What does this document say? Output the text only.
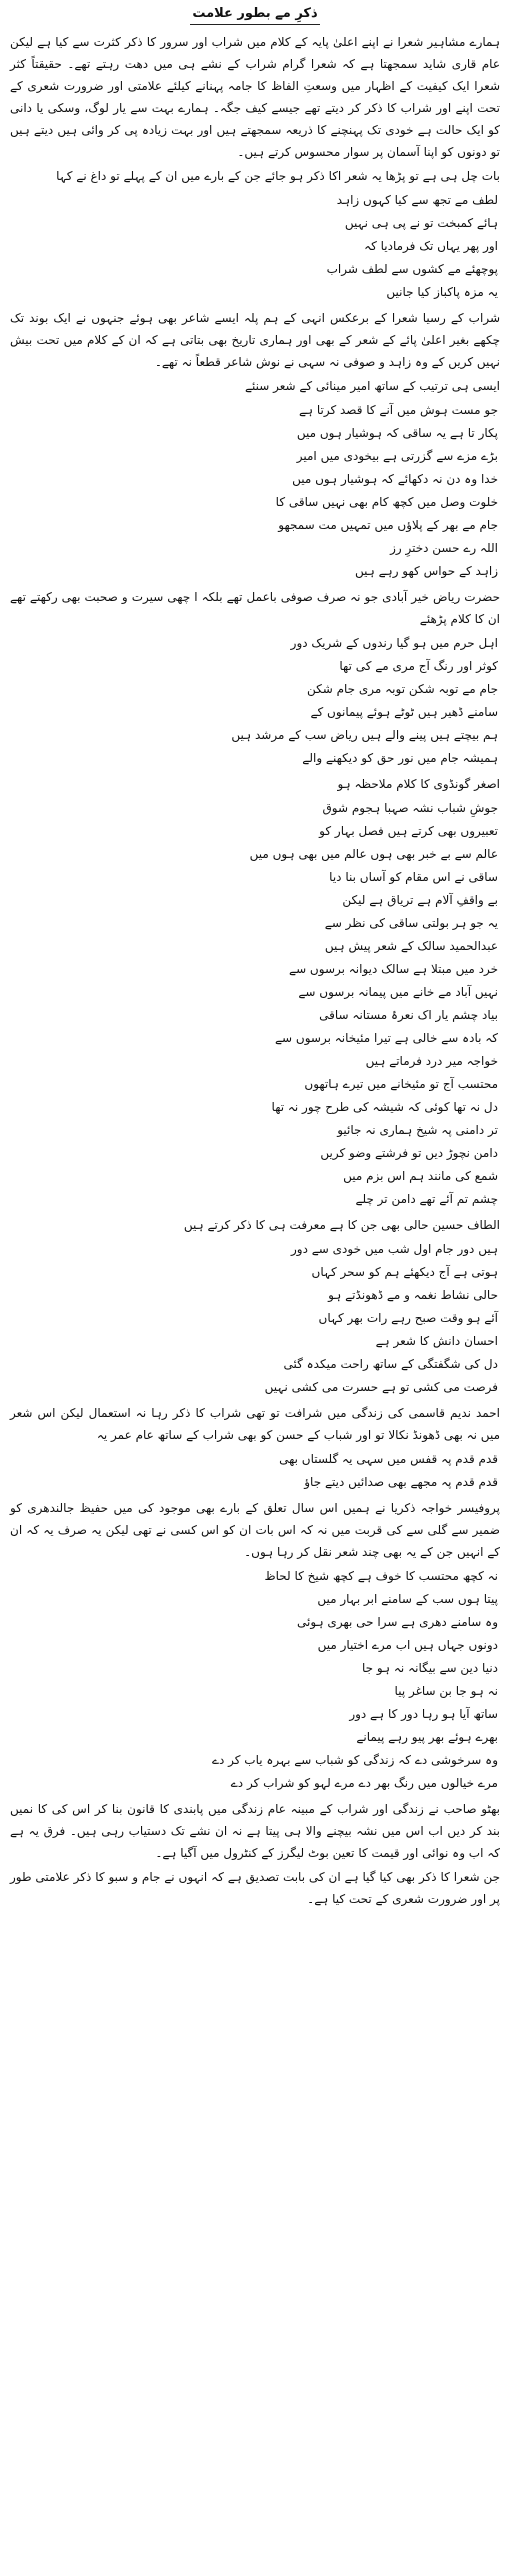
ذکرِ مے بطور علامت

ہمارے مشاہیر شعرا نے اپنے اعلیٰ پایہ کے کلام میں شراب اور سرور کا ذکر کثرت سے کیا ہے لیکن عام قاری شاید سمجھتا ہے کہ شعرا گرام شراب کے نشے ہی میں دھت رہتے تھے۔ حقیقتاً کثر شعرا ایک کیفیت کے اظہار میں وسعتِ الفاظ کا جامہ پہنانے کیلئے علامتی اور ضرورت شعری کے تحت اپنے اور شراب کا ذکر کر دیتے تھے جیسے کیف جگہ۔ ہمارے بہت سے یار لوگ، وسکی یا دانی کو ایک حالت ہے خودی تک پہنچنے کا ذریعہ سمجھتے ہیں اور بہت زیادہ پی کر وائی ہیں دیتے ہیں تو دونوں کو اپنا آسمان پر سوار محسوس کرتے ہیں۔

بات چل ہی ہے تو پڑھا یہ شعر اکا ذکر ہو جائے جن کے بارے میں ان کے پہلے تو داغ نے کہا

لطف مے تجھ سے کیا کہوں زاہد
ہائے کمبخت تو نے پی ہی نہیں
اور پھر یہاں تک فرمادیا کہ
پوچھئے مے کشوں سے لطف شراب
یہ مزہ پاکباز کیا جانیں

شراب کے رسیا شعرا کے برعکس انہی کے ہم پلہ ایسے شاعر بھی ہوئے جنہوں نے ایک بوند تک چکھے بغیر اعلیٰ پائے کے شعر کے بھی اور ہماری تاریخ بھی بتاتی ہے کہ ان کے کلام میں تحت بیش نہیں کریں کے وہ زاہد و صوفی نہ سہی نے نوش شاعر قطعاً نہ تھے۔

ایسی ہی ترتیب کے ساتھ امیر مینائی کے شعر سنئے

جو مست ہوش میں آنے کا قصد کرتا ہے
پکار تا ہے یہ ساقی کہ ہوشیار ہوں میں
بڑے مزے سے گزرتی ہے بیخودی میں امیر
خدا وہ دن نہ دکھائے کہ ہوشیار ہوں میں
خلوت وصل میں کچھ کام بھی نہیں ساقی کا
جام مے بھر کے پلاؤں میں تمہیں مت سمجھو
اللہ رے حسن دخترِ رز
زاہد کے حواس کھو رہے ہیں

حضرت ریاض خیر آبادی جو نہ صرف صوفی باعمل تھے بلکہ ا چھی سیرت و صحبت بھی رکھتے تھے ان کا کلام پڑھئے

اہل حرم میں ہو گیا رندوں کے شریک دور
کوثر اور رنگ آج مری مے کی تھا
جام مے توبہ شکن توبہ مری جام شکن
سامنے ڈھیر ہیں ٹوٹے ہوئے پیمانوں کے
ہم بیچتے ہیں پینے والے ہیں ریاض سب کے مرشد ہیں
ہمیشہ جام میں نور حق کو دیکھنے والے

اصغر گونڈوی کا کلام ملاحظہ ہو

جوشِ شباب نشہ صہبا ہجوم شوق
تعبیروں بھی کرتے ہیں فصل بہار کو
عالم سے بے خبر بھی ہوں عالم میں بھی ہوں میں
ساقی نے اس مقام کو آساں بنا دیا
بے واقفِ آلام ہے تریاق ہے لیکن
یہ جو ہر بولتی ساقی کی نظر سے
عبدالحمید سالک کے شعر پیش ہیں
خرد میں مبتلا ہے سالک دیوانہ برسوں سے
نہیں آباد مے خانے میں پیمانہ برسوں سے
بیاد چشم یار اک نعرۂ مستانہ ساقی
کہ بادہ سے خالی ہے تیرا مئیخانہ برسوں سے
خواجہ میر درد فرماتے ہیں
محتسب آج تو مئیخانے میں تیرے ہاتھوں
دل نہ تھا کوئی کہ شیشہ کی طرح چور نہ تھا
تر دامنی پہ شیخ ہماری نہ جائیو
دامن نچوڑ دیں تو فرشتے وضو کریں
شمع کی مانند ہم اس بزم میں
چشم تم آئے تھے دامن تر چلے

الطاف حسین حالی بھی جن کا ہے معرفت ہی کا ذکر کرتے ہیں

ہیں دور جام اول شب میں خودی سے دور
ہوتی ہے آج دیکھئے ہم کو سحر کہاں
حالی نشاط نغمہ و مے ڈھونڈتے ہو
آئے ہو وقت صبح رہے رات بھر کہاں
احسان دانش کا شعر ہے
دل کی شگفتگی کے ساتھ راحت میکدہ گئی
فرصت می کشی تو ہے حسرت می کشی نہیں

احمد ندیم قاسمی کی زندگی میں شرافت تو تھی شراب کا ذکر رہا نہ استعمال لیکن اس شعر میں نہ بھی ڈھونڈ نکالا تو اور شباب کے حسن کو بھی شراب کے ساتھ عام عمر یہ

قدم قدم پہ قفس میں سہی یہ گلستاں بھی
قدم قدم پہ مجھے بھی صدائیں دیتے جاؤ

پروفیسر خواجہ ذکریا نے ہمیں اس سال تعلق کے بارے بھی موجود کی میں حفیظ جالندھری کو ضمیر سے گلی سے کی قربت میں نہ کہ اس بات ان کو اس کسی نے تھی لیکن یہ صرف یہ کہ ان کے انہیں جن کے یہ بھی چند شعر نقل کر رہا ہوں۔

نہ کچھ محتسب کا خوف ہے کچھ شیخ کا لحاظ
پیتا ہوں سب کے سامنے ابر بہار میں
وہ سامنے دھری ہے سرا حی بھری ہوئی
دونوں جہاں ہیں اب مرے اختیار میں
دنیا دین سے بیگانہ نہ ہو جا
نہ ہو جا بن ساغر پیا
ساتھ آیا ہو رہا دور کا ہے دور
بھرے ہوئے بھر پیو رہے پیمانے
وہ سرخوشی دے کہ زندگی کو شباب سے بہرہ یاب کر دے
مرے خیالوں میں رنگ بھر دے مرے لہو کو شراب کر دے

بھٹو صاحب نے زندگی اور شراب کے مبینہ عام زندگی میں پابندی کا قانون بنا کر اس کی کا نمیں بند کر دیں اب اس میں نشہ بیچنے والا ہی پیتا ہے نہ ان نشے تک دستیاب رہی ہیں۔ فرق یہ ہے کہ اب وہ نوائی اور قیمت کا تعین بوٹ لیگرز کے کنٹرول میں آگیا ہے۔

جن شعرا کا ذکر بھی کیا گیا ہے ان کی بابت تصدیق ہے کہ انہوں نے جام و سبو کا ذکر علامتی طور پر اور ضرورت شعری کے تحت کیا ہے۔
